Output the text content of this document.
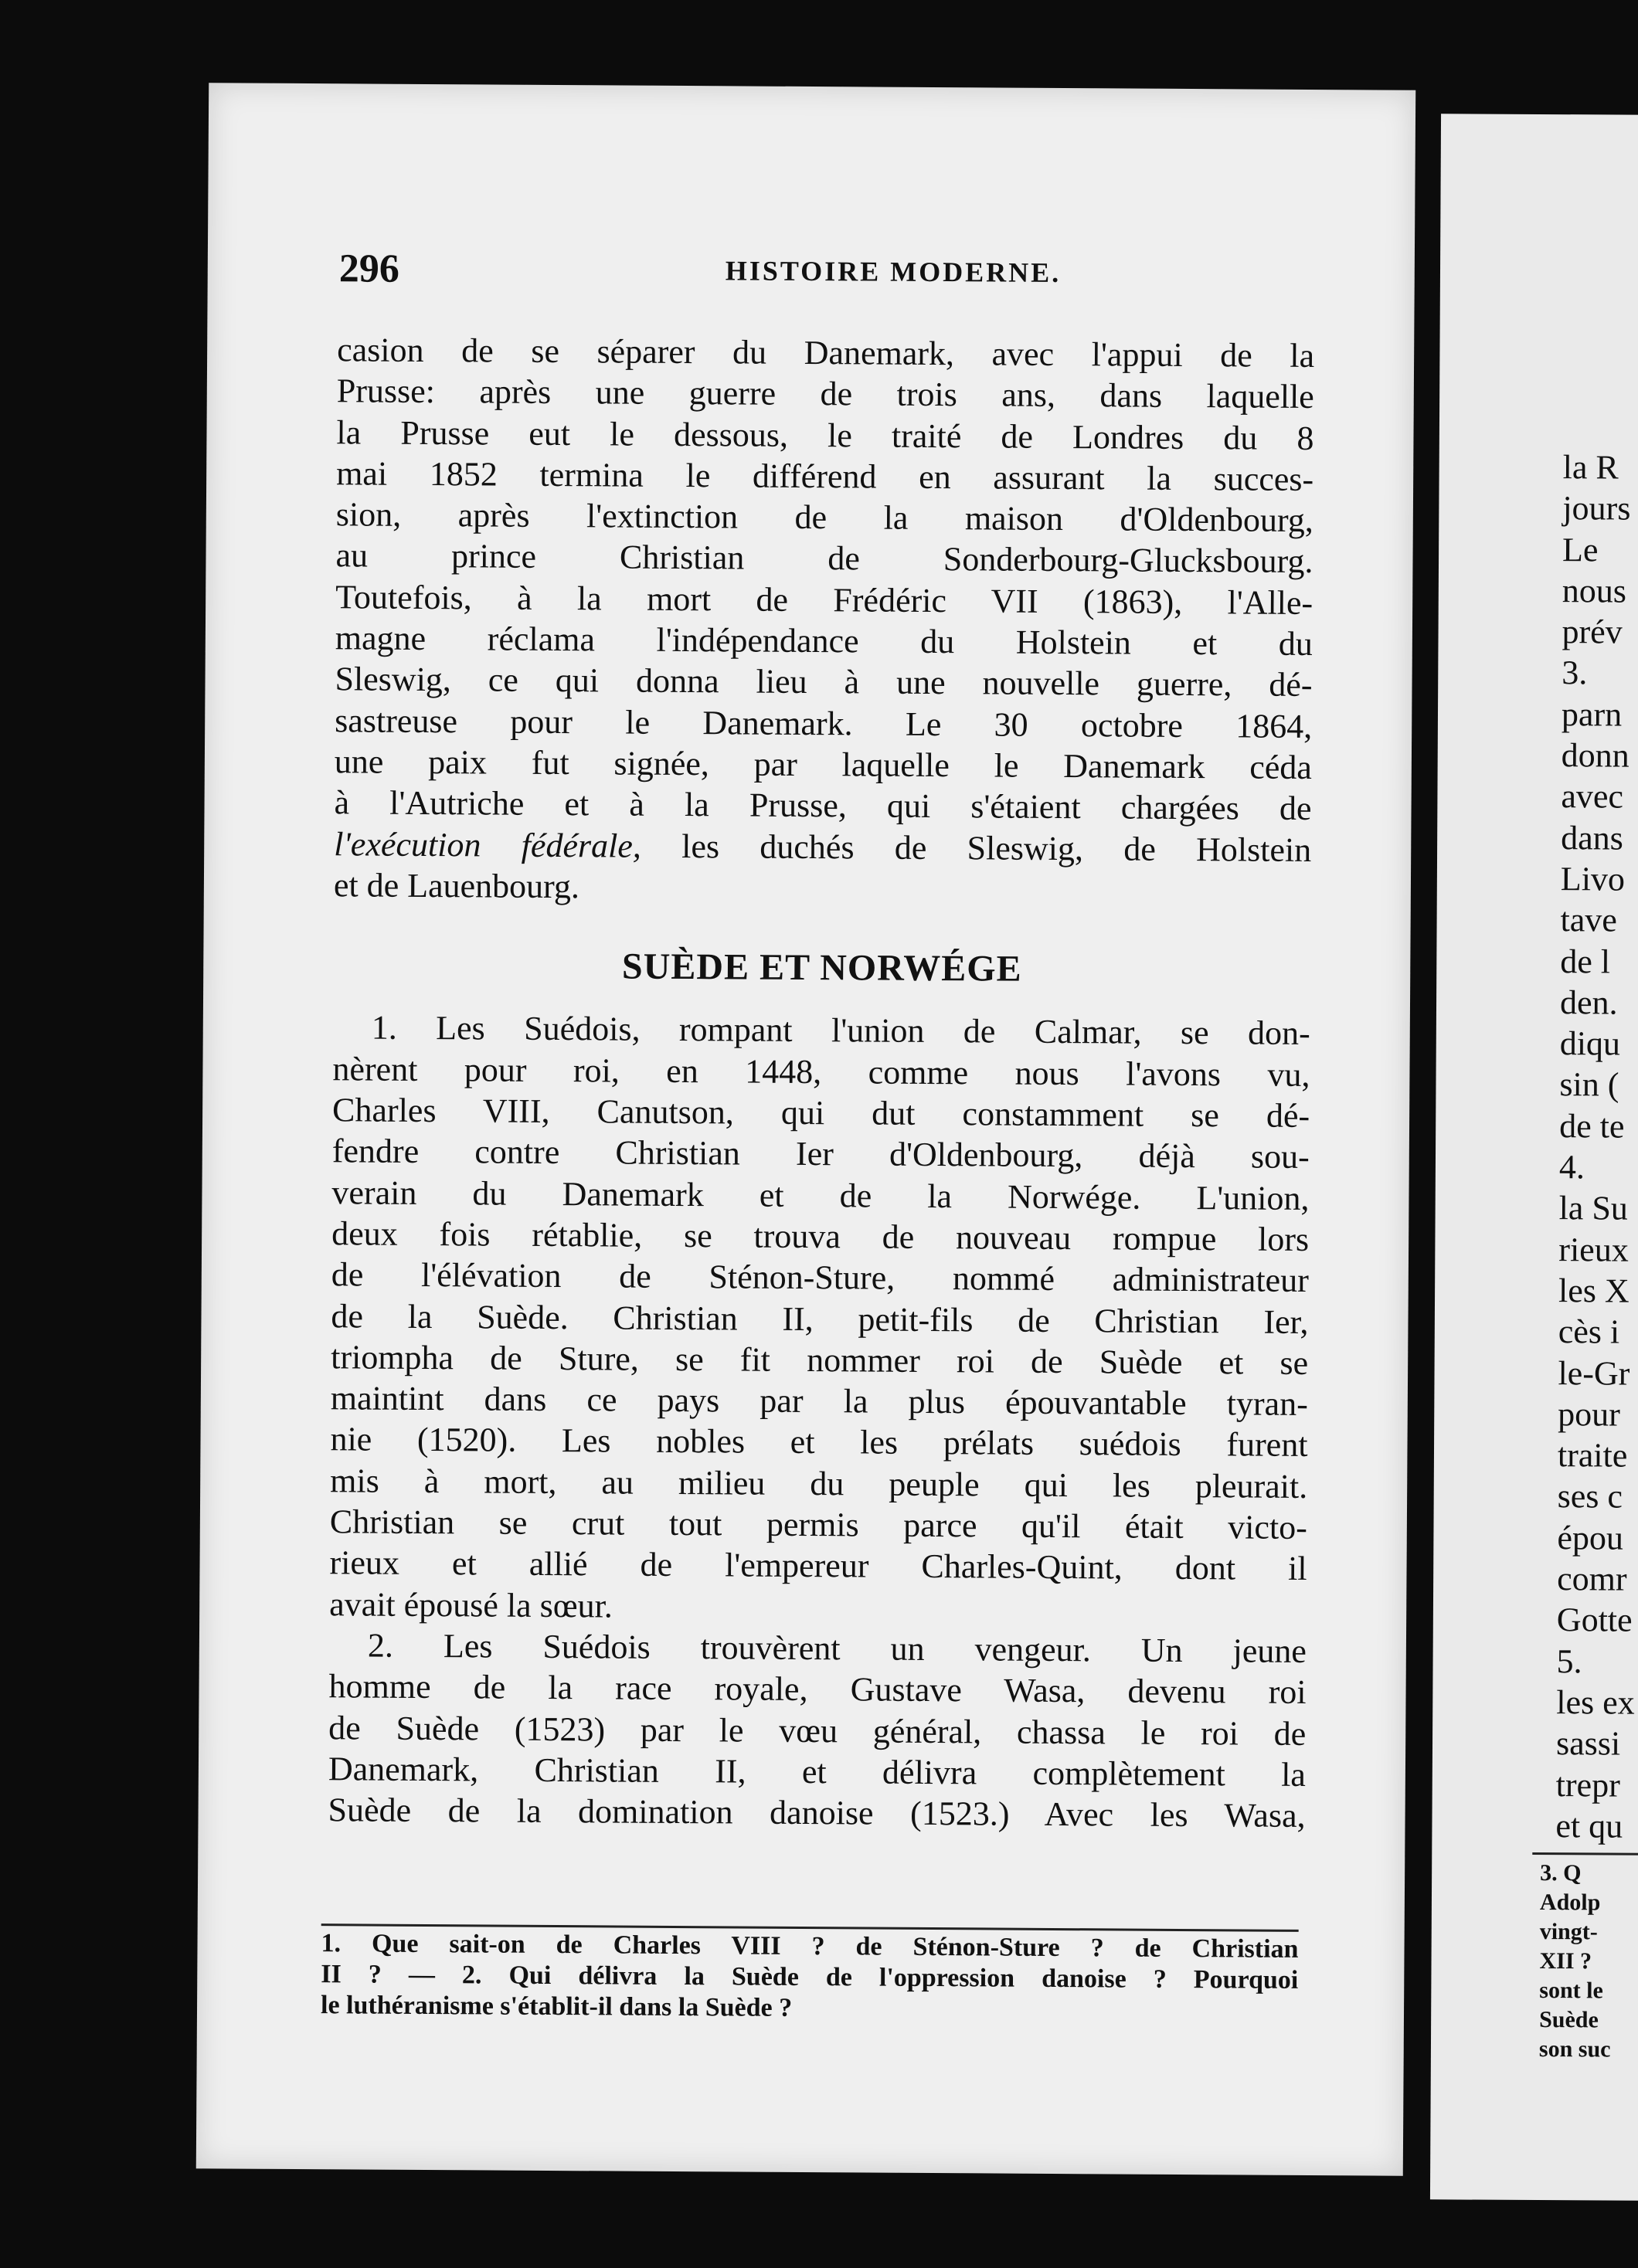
296	HISTOIRE MODERNE.

casion de se séparer du Danemark, avec l'appui de la
Prusse: après une guerre de trois ans, dans laquelle
la Prusse eut le dessous, le traité de Londres du 8
mai 1852 termina le différend en assurant la succes-
sion, après l'extinction de la maison d'Oldenbourg,
au prince Christian de Sonderbourg-Glucksbourg.
Toutefois, à la mort de Frédéric VII (1863), l'Alle-
magne réclama l'indépendance du Holstein et du
Sleswig, ce qui donna lieu à une nouvelle guerre, dé-
sastreuse pour le Danemark. Le 30 octobre 1864,
une paix fut signée, par laquelle le Danemark céda
à l'Autriche et à la Prusse, qui s'étaient chargées de
l'exécution fédérale, les duchés de Sleswig, de Holstein
et de Lauenbourg.

SUÈDE ET NORWÉGE

1. Les Suédois, rompant l'union de Calmar, se don-
nèrent pour roi, en 1448, comme nous l'avons vu,
Charles VIII, Canutson, qui dut constamment se dé-
fendre contre Christian Ier d'Oldenbourg, déjà sou-
verain du Danemark et de la Norwége. L'union,
deux fois rétablie, se trouva de nouveau rompue lors
de l'élévation de Sténon-Sture, nommé administrateur
de la Suède. Christian II, petit-fils de Christian Ier,
triompha de Sture, se fit nommer roi de Suède et se
maintint dans ce pays par la plus épouvantable tyran-
nie (1520). Les nobles et les prélats suédois furent
mis à mort, au milieu du peuple qui les pleurait.
Christian se crut tout permis parce qu'il était victo-
rieux et allié de l'empereur Charles-Quint, dont il
avait épousé la sœur.

2. Les Suédois trouvèrent un vengeur. Un jeune
homme de la race royale, Gustave Wasa, devenu roi
de Suède (1523) par le vœu général, chassa le roi de
Danemark, Christian II, et délivra complètement la
Suède de la domination danoise (1523.) Avec les Wasa,

1. Que sait-on de Charles VIII ? de Sténon-Sture ? de Christian
II ? — 2. Qui délivra la Suède de l'oppression danoise ? Pourquoi
le luthéranisme s'établit-il dans la Suède ?
la R
jours
Le
nous
prév
3.
parn
donn
avec
dans
Livo
tave
de l
den.
diqu
sin (
de te
4.
la Su
rieux
les X
cès i
le-Gr
pour
traite
ses c
épou
comr
Gotte
5.
les ex
sassi
trepr
et qu
3. Q
Adolp
vingt-
XII ?
sont le
Suède
son suc
